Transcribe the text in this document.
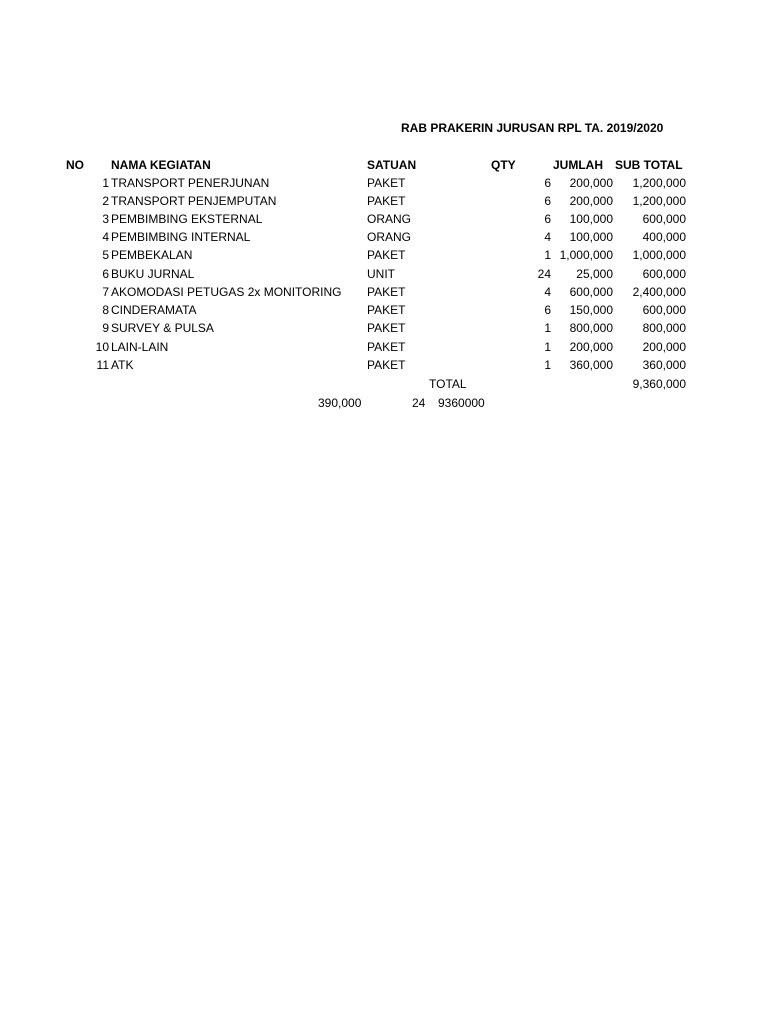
RAB PRAKERIN JURUSAN RPL TA. 2019/2020
NO NAMA KEGIATAN	SATUAN	QTY	JUMLAH SUB TOTAL
1 TRANSPORT PENERJUNAN	PAKET	6 200,000 1,200,000
2 TRANSPORT PENJEMPUTAN	PAKET	6 200,000 1,200,000
3 PEMBIMBING EKSTERNAL	ORANG	6 100,000 600,000
4 PEMBIMBING INTERNAL	ORANG	4 100,000 400,000
5 PEMBEKALAN	PAKET	1 1,000,000 1,000,000
6 BUKU JURNAL	UNIT	24 25,000 600,000
7 AKOMODASI PETUGAS 2x MONITORING PAKET	4 600,000 2,400,000
8 CINDERAMATA	PAKET	6 150,000 600,000
9 SURVEY & PULSA	PAKET	1 800,000 800,000
10 LAIN-LAIN	PAKET	1 200,000 200,000
11 ATK	PAKET	1 360,000 360,000
TOTAL	9,360,000
390,000	24 9360000
